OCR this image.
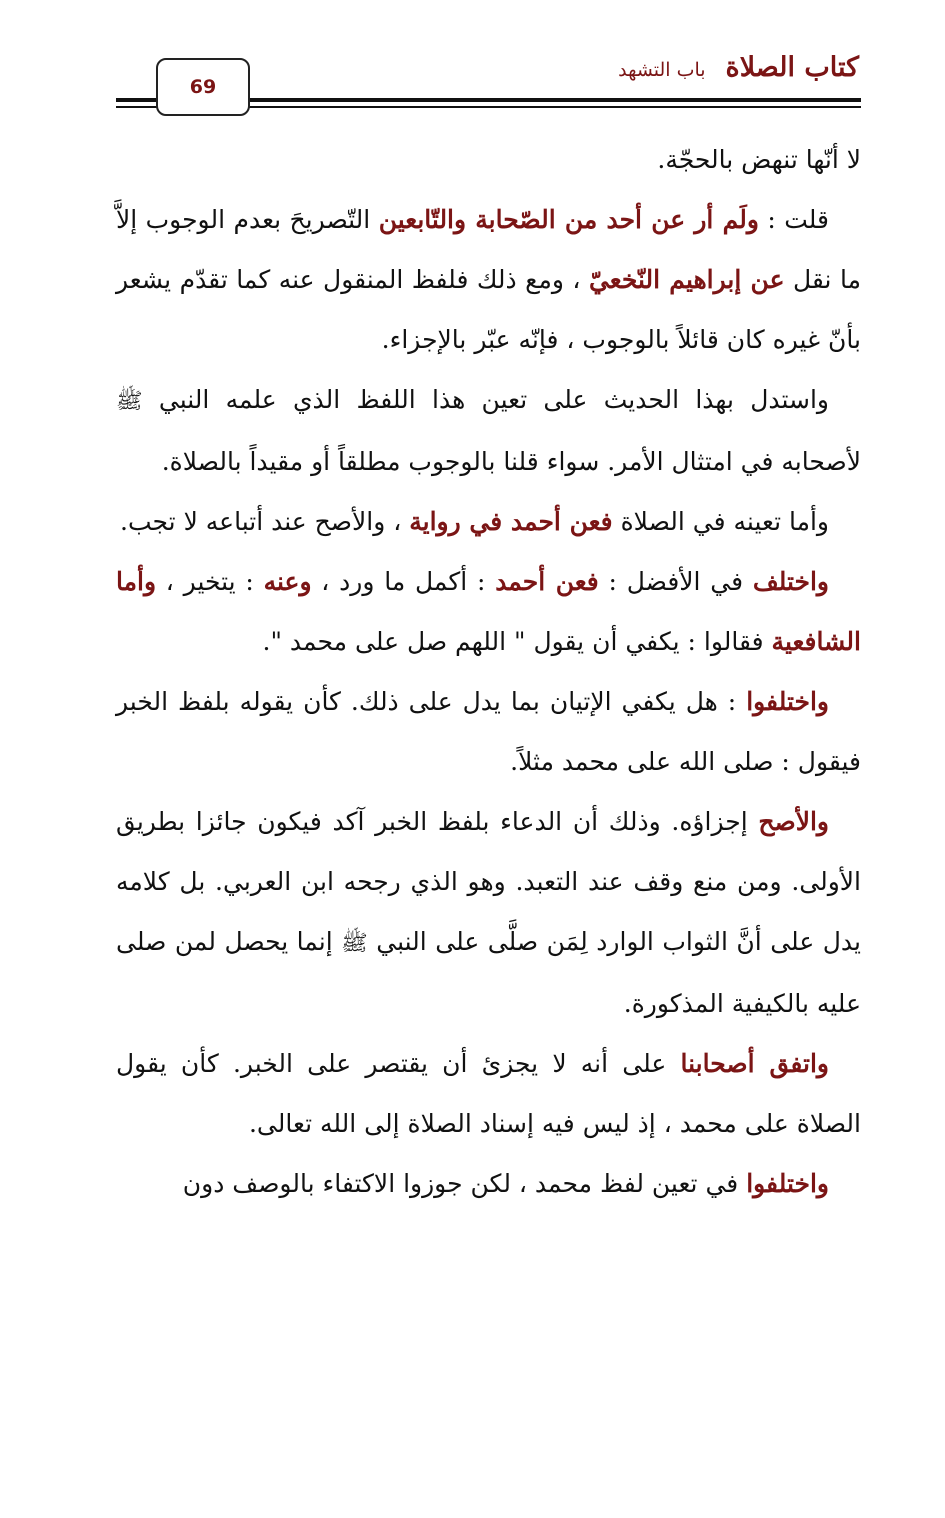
69
كتاب الصلاة باب التشهد

لا أنّها تنهض بالحجّة.

قلت : ولَم أر عن أحد من الصّحابة والتّابعين التّصريحَ بعدم الوجوب إلاَّ ما نقل عن إبراهيم النّخعيّ ، ومع ذلك فلفظ المنقول عنه كما تقدّم يشعر بأنّ غيره كان قائلاً بالوجوب ، فإنّه عبّر بالإجزاء.

واستدل بهذا الحديث على تعين هذا اللفظ الذي علمه النبي ﷺ لأصحابه في امتثال الأمر. سواء قلنا بالوجوب مطلقاً أو مقيداً بالصلاة.

وأما تعينه في الصلاة فعن أحمد في رواية ، والأصح عند أتباعه لا تجب.

واختلف في الأفضل : فعن أحمد : أكمل ما ورد ، وعنه : يتخير ، وأما الشافعية فقالوا : يكفي أن يقول " اللهم صل على محمد ".

واختلفوا : هل يكفي الإتيان بما يدل على ذلك. كأن يقوله بلفظ الخبر فيقول : صلى الله على محمد مثلاً.

والأصح إجزاؤه. وذلك أن الدعاء بلفظ الخبر آكد فيكون جائزا بطريق الأولى. ومن منع وقف عند التعبد. وهو الذي رجحه ابن العربي. بل كلامه يدل على أنَّ الثواب الوارد لِمَن صلَّى على النبي ﷺ إنما يحصل لمن صلى عليه بالكيفية المذكورة.

واتفق أصحابنا على أنه لا يجزئ أن يقتصر على الخبر. كأن يقول الصلاة على محمد ، إذ ليس فيه إسناد الصلاة إلى الله تعالى.

واختلفوا في تعين لفظ محمد ، لكن جوزوا الاكتفاء بالوصف دون
